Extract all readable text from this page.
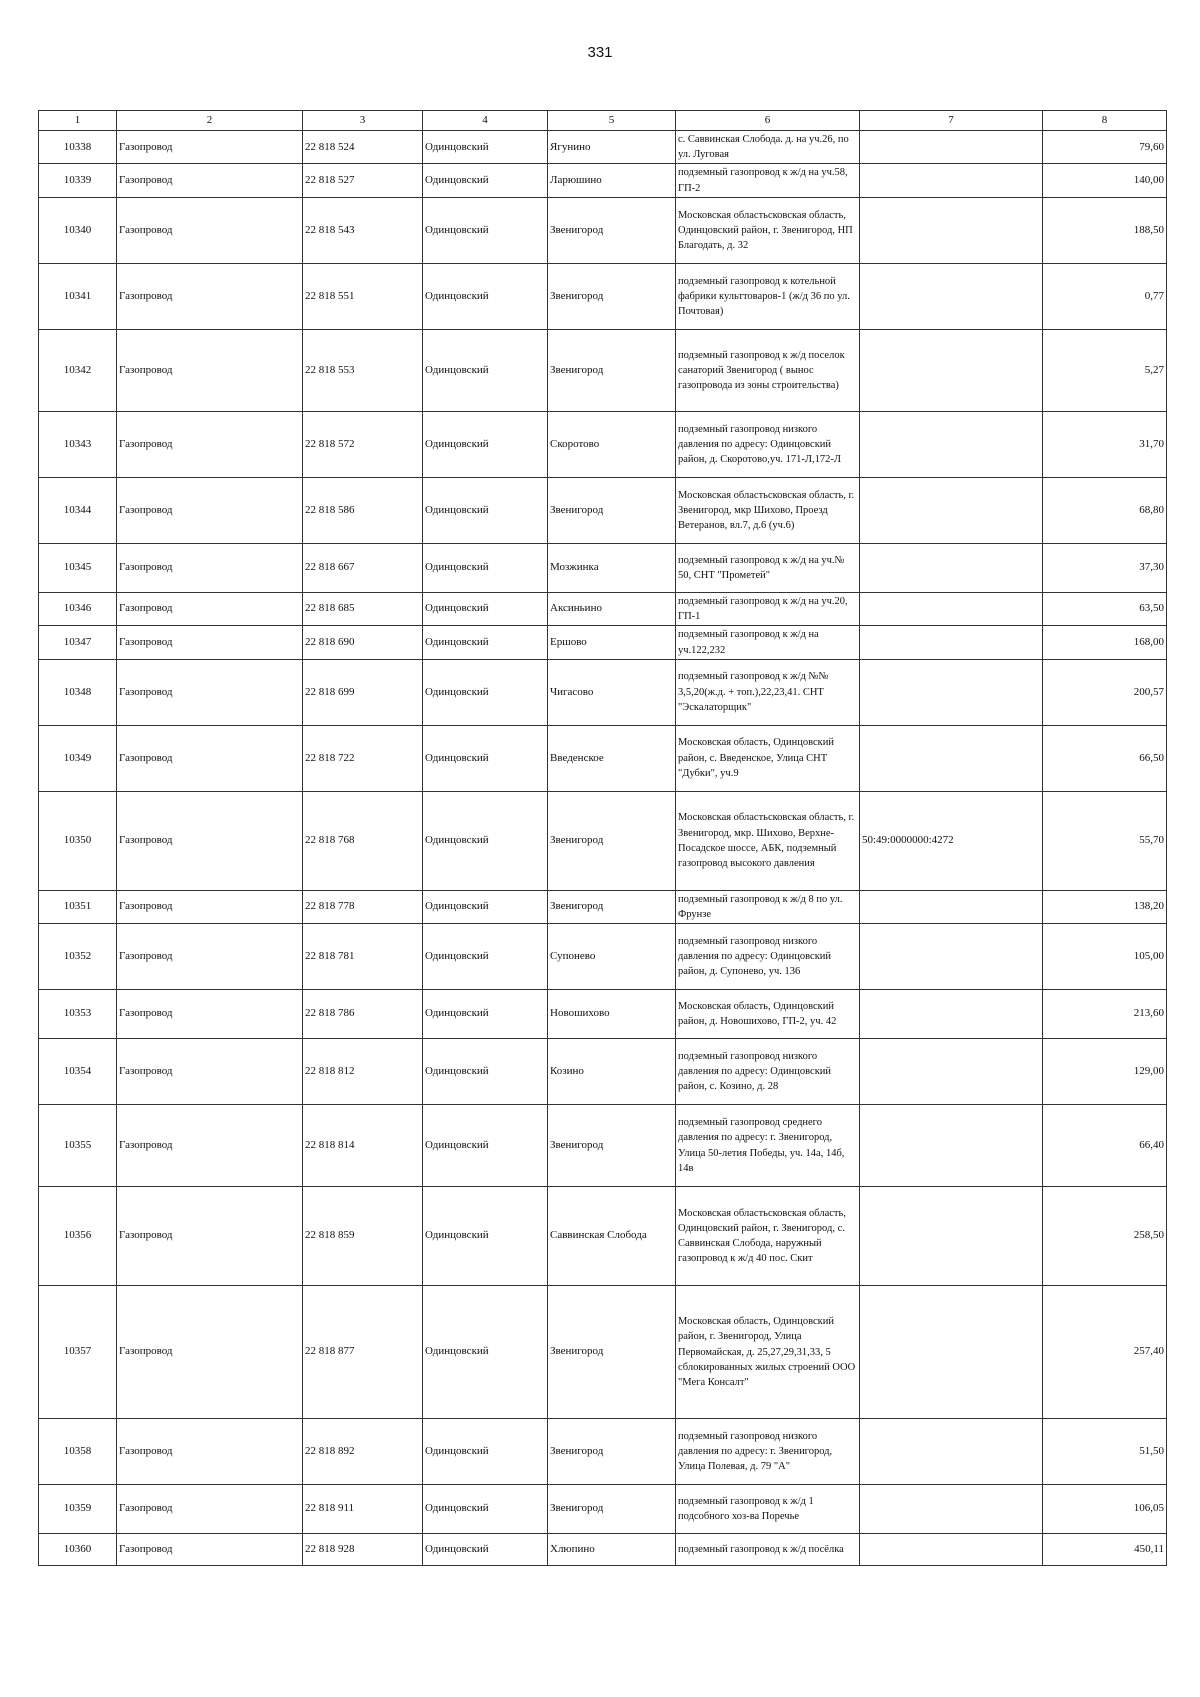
331
1	2	3	4	5	6	7	8
10338	Газопровод	22 818 524	Одинцовский	Ягунино	с. Саввинская Слобода. д. на уч.26, по ул. Луговая		79,60
10339	Газопровод	22 818 527	Одинцовский	Ларюшино	подземный газопровод к ж/д на уч.58, ГП-2		140,00
10340	Газопровод	22 818 543	Одинцовский	Звенигород	Московская областьсковская область, Одинцовский район, г. Звенигород, НП Благодать, д. 32		188,50
10341	Газопровод	22 818 551	Одинцовский	Звенигород	подземный газопровод к котельной фабрики культтоваров-1 (ж/д 36 по ул. Почтовая)		0,77
10342	Газопровод	22 818 553	Одинцовский	Звенигород	подземный газопровод к ж/д поселок санаторий Звенигород ( вынос газопровода из зоны строительства)		5,27
10343	Газопровод	22 818 572	Одинцовский	Скоротово	подземный газопровод низкого давления по адресу: Одинцовский район, д. Скоротово,уч. 171-Л,172-Л		31,70
10344	Газопровод	22 818 586	Одинцовский	Звенигород	Московская областьсковская область, г. Звенигород, мкр Шихово, Проезд Ветеранов, вл.7, д.6 (уч.6)		68,80
10345	Газопровод	22 818 667	Одинцовский	Мозжинка	подземный газопровод к ж/д на уч.№ 50, СНТ "Прометей"		37,30
10346	Газопровод	22 818 685	Одинцовский	Аксиньино	подземный газопровод к ж/д на уч.20, ГП-1		63,50
10347	Газопровод	22 818 690	Одинцовский	Ершово	подземный газопровод к ж/д на уч.122,232		168,00
10348	Газопровод	22 818 699	Одинцовский	Чигасово	подземный газопровод к ж/д №№ 3,5,20(ж.д. + топ.),22,23,41. СНТ "Эскалаторщик"		200,57
10349	Газопровод	22 818 722	Одинцовский	Введенское	Московская область, Одинцовский район, с. Введенское, Улица СНТ "Дубки", уч.9		66,50
10350	Газопровод	22 818 768	Одинцовский	Звенигород	Московская областьсковская область, г. Звенигород, мкр. Шихово, Верхне-Посадское шоссе, АБК, подземный газопровод высокого давления	50:49:0000000:4272	55,70
10351	Газопровод	22 818 778	Одинцовский	Звенигород	подземный газопровод к ж/д 8 по ул. Фрунзе		138,20
10352	Газопровод	22 818 781	Одинцовский	Супонево	подземный газопровод низкого давления по адресу: Одинцовский район, д. Супонево, уч. 136		105,00
10353	Газопровод	22 818 786	Одинцовский	Новошихово	Московская область, Одинцовский район, д. Новошихово, ГП-2, уч. 42		213,60
10354	Газопровод	22 818 812	Одинцовский	Козино	подземный газопровод низкого давления по адресу: Одинцовский район, с. Козино, д. 28		129,00
10355	Газопровод	22 818 814	Одинцовский	Звенигород	подземный газопровод среднего давления по адресу: г. Звенигород, Улица 50-летия Победы, уч. 14а, 14б, 14в		66,40
10356	Газопровод	22 818 859	Одинцовский	Саввинская Слобода	Московская областьсковская область, Одинцовский район, г. Звенигород, с. Саввинская Слобода, наружный газопровод к ж/д 40 пос. Скит		258,50
10357	Газопровод	22 818 877	Одинцовский	Звенигород	Московская область, Одинцовский район, г. Звенигород, Улица Первомайская, д. 25,27,29,31,33, 5 сблокированных жилых строений ООО "Мега Консалт"		257,40
10358	Газопровод	22 818 892	Одинцовский	Звенигород	подземный газопровод низкого давления по адресу: г. Звенигород, Улица Полевая, д. 79 "А"		51,50
10359	Газопровод	22 818 911	Одинцовский	Звенигород	подземный газопровод к ж/д 1 подсобного хоз-ва Поречье		106,05
10360	Газопровод	22 818 928	Одинцовский	Хлюпино	подземный газопровод к ж/д посёлка		450,11
